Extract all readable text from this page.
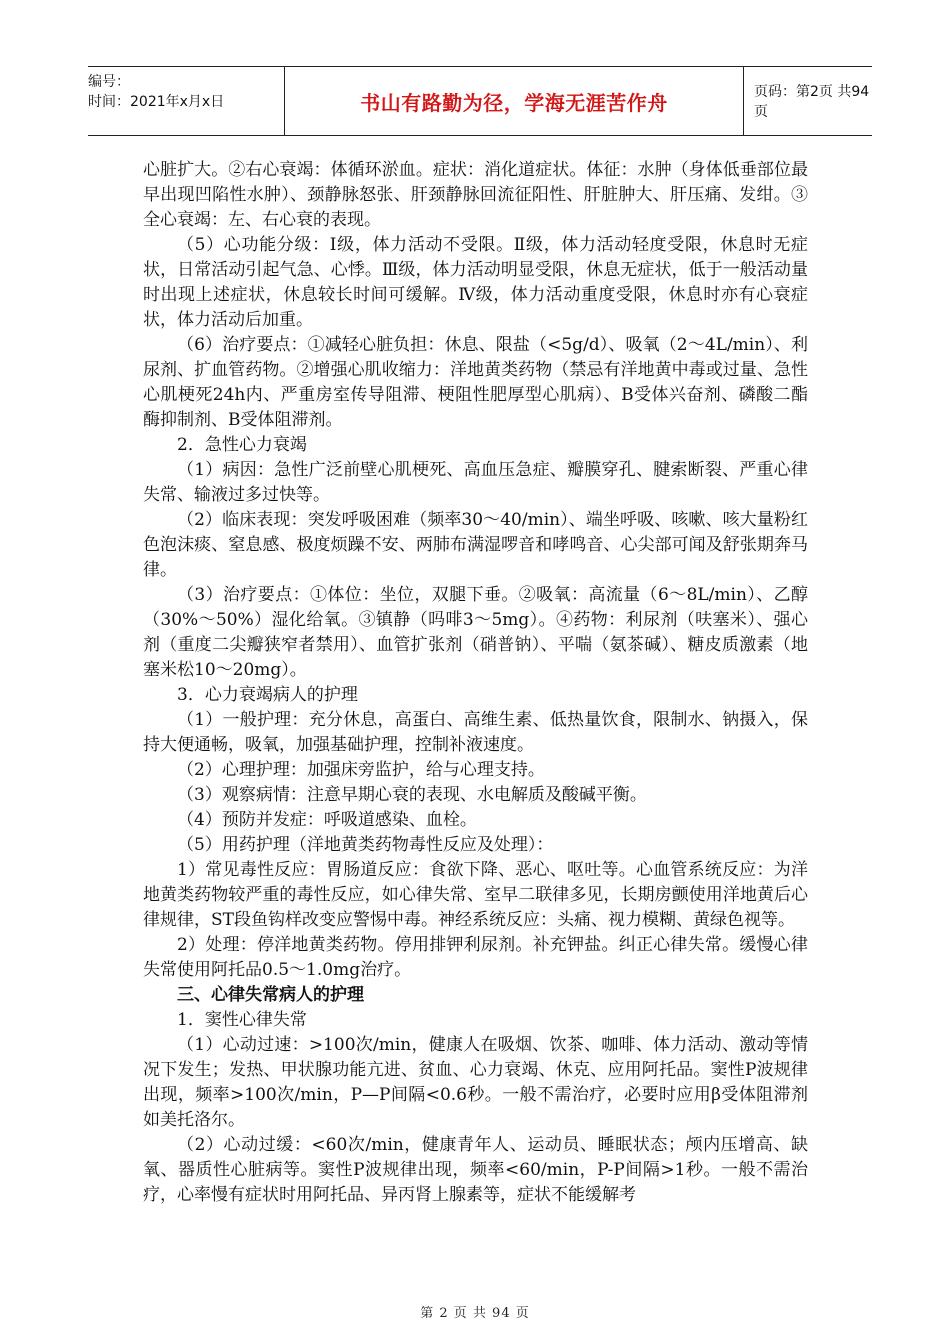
编号：
时间：2021年x月x日	书山有路勤为径，学海无涯苦作舟	页码：第2页 共94页

心脏扩大。②右心衰竭：体循环淤血。症状：消化道症状。体征：水肿（身体低垂部位最早出现凹陷性水肿）、颈静脉怒张、肝颈静脉回流征阳性、肝脏肿大、肝压痛、发绀。③全心衰竭：左、右心衰的表现。

（5）心功能分级：Ⅰ级，体力活动不受限。Ⅱ级，体力活动轻度受限，休息时无症状，日常活动引起气急、心悸。Ⅲ级，体力活动明显受限，休息无症状，低于一般活动量时出现上述症状，休息较长时间可缓解。Ⅳ级，体力活动重度受限，休息时亦有心衰症状，体力活动后加重。

（6）治疗要点：①减轻心脏负担：休息、限盐（<5g/d）、吸氧（2～4L/min）、利尿剂、扩血管药物。②增强心肌收缩力：洋地黄类药物（禁忌有洋地黄中毒或过量、急性心肌梗死24h内、严重房室传导阻滞、梗阻性肥厚型心肌病）、Β受体兴奋剂、磷酸二酯酶抑制剂、Β受体阻滞剂。

2．急性心力衰竭

（1）病因：急性广泛前壁心肌梗死、高血压急症、瓣膜穿孔、腱索断裂、严重心律失常、输液过多过快等。

（2）临床表现：突发呼吸困难（频率30～40/min）、端坐呼吸、咳嗽、咳大量粉红色泡沫痰、窒息感、极度烦躁不安、两肺布满湿啰音和哮鸣音、心尖部可闻及舒张期奔马律。

（3）治疗要点：①体位：坐位，双腿下垂。②吸氧：高流量（6～8L/min）、乙醇（30%～50%）湿化给氧。③镇静（吗啡3～5mg）。④药物：利尿剂（呋塞米）、强心剂（重度二尖瓣狭窄者禁用）、血管扩张剂（硝普钠）、平喘（氨茶碱）、糖皮质激素（地塞米松10～20mg）。

3．心力衰竭病人的护理

（1）一般护理：充分休息，高蛋白、高维生素、低热量饮食，限制水、钠摄入，保持大便通畅，吸氧，加强基础护理，控制补液速度。

（2）心理护理：加强床旁监护，给与心理支持。

（3）观察病情：注意早期心衰的表现、水电解质及酸碱平衡。

（4）预防并发症：呼吸道感染、血栓。

（5）用药护理（洋地黄类药物毒性反应及处理）：

1）常见毒性反应：胃肠道反应：食欲下降、恶心、呕吐等。心血管系统反应：为洋地黄类药物较严重的毒性反应，如心律失常、室早二联律多见，长期房颤使用洋地黄后心律规律，ST段鱼钩样改变应警惕中毒。神经系统反应：头痛、视力模糊、黄绿色视等。

2）处理：停洋地黄类药物。停用排钾利尿剂。补充钾盐。纠正心律失常。缓慢心律失常使用阿托品0.5～1.0mg治疗。

三、心律失常病人的护理

1．窦性心律失常

（1）心动过速：>100次/min，健康人在吸烟、饮茶、咖啡、体力活动、激动等情况下发生；发热、甲状腺功能亢进、贫血、心力衰竭、休克、应用阿托品。窦性P波规律出现，频率>100次/min，P—P间隔<0.6秒。一般不需治疗，必要时应用β受体阻滞剂如美托洛尔。

（2）心动过缓：<60次/min，健康青年人、运动员、睡眠状态；颅内压增高、缺氧、器质性心脏病等。窦性P波规律出现，频率<60/min，P-P间隔>1秒。一般不需治疗，心率慢有症状时用阿托品、异丙肾上腺素等，症状不能缓解考

第 2 页 共 94 页
